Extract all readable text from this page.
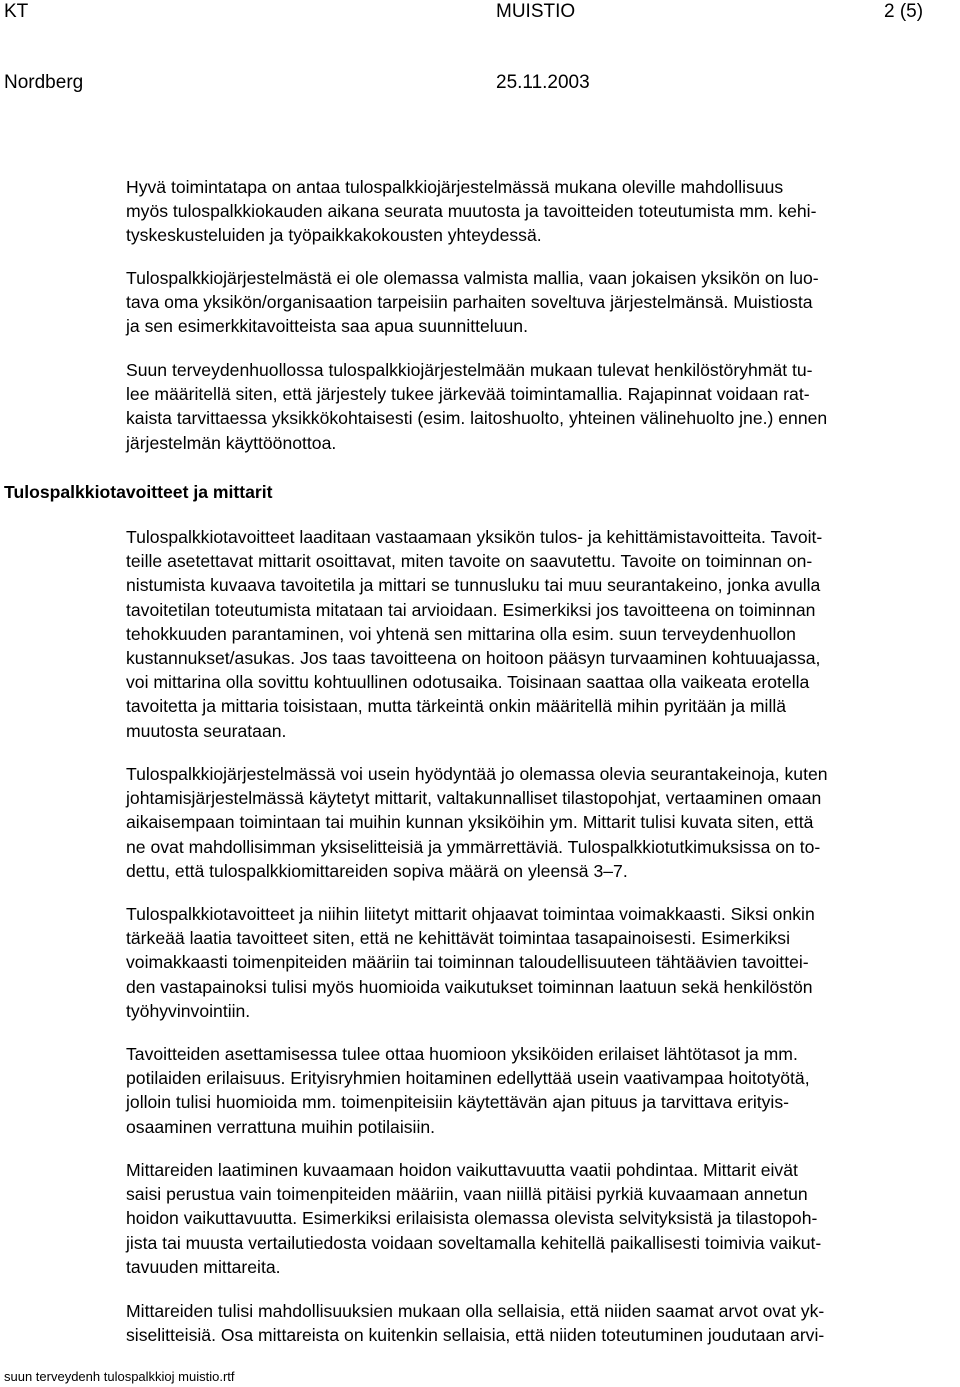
KT	MUISTIO	2 (5)
Nordberg	25.11.2003
Hyvä toimintatapa on antaa tulospalkkiojärjestelmässä mukana oleville mahdollisuus
myös tulospalkkiokauden aikana seurata muutosta ja tavoitteiden toteutumista mm. kehi-
tyskeskusteluiden ja työpaikkakokousten yhteydessä.
Tulospalkkiojärjestelmästä ei ole olemassa valmista mallia, vaan jokaisen yksikön on luo-
tava oma yksikön/organisaation tarpeisiin parhaiten soveltuva järjestelmänsä. Muistiosta
ja sen esimerkkitavoitteista saa apua suunnitteluun.
Suun terveydenhuollossa tulospalkkiojärjestelmään mukaan tulevat henkilöstöryhmät tu-
lee määritellä siten, että järjestely tukee järkevää toimintamallia. Rajapinnat voidaan rat-
kaista tarvittaessa yksikkökohtaisesti (esim. laitoshuolto, yhteinen välinehuolto jne.) ennen
järjestelmän käyttöönottoa.
Tulospalkkiotavoitteet ja mittarit
Tulospalkkiotavoitteet laaditaan vastaamaan yksikön tulos- ja kehittämistavoitteita. Tavoit-
teille asetettavat mittarit osoittavat, miten tavoite on saavutettu. Tavoite on toiminnan on-
nistumista kuvaava tavoitetila ja mittari se tunnusluku tai muu seurantakeino, jonka avulla
tavoitetilan toteutumista mitataan tai arvioidaan. Esimerkiksi jos tavoitteena on toiminnan
tehokkuuden parantaminen, voi yhtenä sen mittarina olla esim. suun terveydenhuollon
kustannukset/asukas. Jos taas tavoitteena on hoitoon pääsyn turvaaminen kohtuuajassa,
voi mittarina olla sovittu kohtuullinen odotusaika. Toisinaan saattaa olla vaikeata erotella
tavoitetta ja mittaria toisistaan, mutta tärkeintä onkin määritellä mihin pyritään ja millä
muutosta seurataan.
Tulospalkkiojärjestelmässä voi usein hyödyntää jo olemassa olevia seurantakeinoja, kuten
johtamisjärjestelmässä käytetyt mittarit, valtakunnalliset tilastopohjat, vertaaminen omaan
aikaisempaan toimintaan tai muihin kunnan yksiköihin ym. Mittarit tulisi kuvata siten, että
ne ovat mahdollisimman yksiselitteisiä ja ymmärrettäviä. Tulospalkkiotutkimuksissa on to-
dettu, että tulospalkkiomittareiden sopiva määrä on yleensä 3–7.
Tulospalkkiotavoitteet ja niihin liitetyt mittarit ohjaavat toimintaa voimakkaasti. Siksi onkin
tärkeää laatia tavoitteet siten, että ne kehittävät toimintaa tasapainoisesti. Esimerkiksi
voimakkaasti toimenpiteiden määriin tai toiminnan taloudellisuuteen tähtäävien tavoittei-
den vastapainoksi tulisi myös huomioida vaikutukset toiminnan laatuun sekä henkilöstön
työhyvinvointiin.
Tavoitteiden asettamisessa tulee ottaa huomioon yksiköiden erilaiset lähtötasot ja mm.
potilaiden erilaisuus. Erityisryhmien hoitaminen edellyttää usein vaativampaa hoitotyötä,
jolloin tulisi huomioida mm. toimenpiteisiin käytettävän ajan pituus ja tarvittava erityis-
osaaminen verrattuna muihin potilaisiin.
Mittareiden laatiminen kuvaamaan hoidon vaikuttavuutta vaatii pohdintaa. Mittarit eivät
saisi perustua vain toimenpiteiden määriin, vaan niillä pitäisi pyrkiä kuvaamaan annetun
hoidon vaikuttavuutta. Esimerkiksi erilaisista olemassa olevista selvityksistä ja tilastopoh-
jista tai muusta vertailutiedosta voidaan soveltamalla kehitellä paikallisesti toimivia vaikut-
tavuuden mittareita.
Mittareiden tulisi mahdollisuuksien mukaan olla sellaisia, että niiden saamat arvot ovat yk-
siselitteisiä. Osa mittareista on kuitenkin sellaisia, että niiden toteutuminen joudutaan arvi-
suun terveydenh tulospalkkioj muistio.rtf
